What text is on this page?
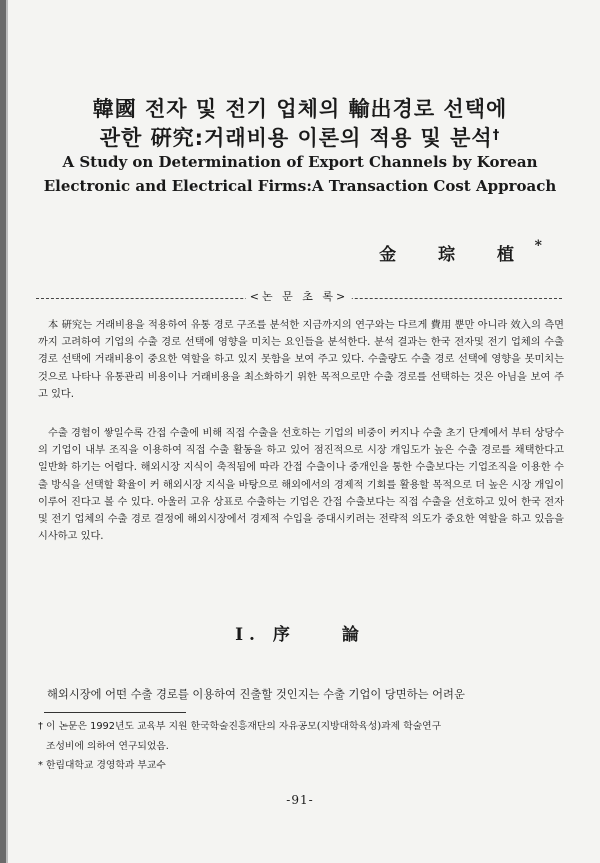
韓國 전자 및 전기 업체의 輸出경로 선택에
관한 硏究:거래비용 이론의 적용 및 분석†
A Study on Determination of Export Channels by Korean
Electronic and Electrical Firms:A Transaction Cost Approach
金 琮 植 *
<논 문 초 록>

本 硏究는 거래비용을 적용하여 유통 경로 구조를 분석한 지금까지의 연구와는 다르게 費用 뿐만 아니라 效入의 측면까지 고려하여 기업의 수출 경로 선택에 영향을 미치는 요인들을 분석한다. 분석 결과는 한국 전자및 전기 업체의 수출 경로 선택에 거래비용이 중요한 역할을 하고 있지 못함을 보여 주고 있다. 수출량도 수출 경로 선택에 영향을 못미치는 것으로 나타나 유통관리 비용이나 거래비용을 최소화하기 위한 목적으로만 수출 경로를 선택하는 것은 아님을 보여 주고 있다.

수출 경험이 쌓일수록 간접 수출에 비해 직접 수출을 선호하는 기업의 비중이 커지나 수출 초기 단계에서 부터 상당수의 기업이 내부 조직을 이용하여 직접 수출 활동을 하고 있어 점진적으로 시장 개입도가 높은 수출 경로를 채택한다고 일반화 하기는 어렵다. 해외시장 지식이 축적됨에 따라 간접 수출이나 중개인을 통한 수출보다는 기업조직을 이용한 수출 방식을 선택할 확율이 커 해외시장 지식을 바탕으로 해외에서의 경제적 기회를 활용할 목적으로 더 높은 시장 개입이 이루어 진다고 볼 수 있다. 아울러 고유 상표로 수출하는 기업은 간접 수출보다는 직접 수출을 선호하고 있어 한국 전자및 전기 업체의 수출 경로 결정에 해외시장에서 경제적 수입을 증대시키려는 전략적 의도가 중요한 역할을 하고 있음을 시사하고 있다.

I. 序　　論

해외시장에 어떤 수출 경로를 이용하여 진출할 것인지는 수출 기업이 당면하는 어려운

† 이 논문은 1992년도 교육부 지원 한국학술진흥재단의 자유공모(지방대학육성)과제 학술연구

조성비에 의하여 연구되었음.

* 한림대학교 경영학과 부교수

-91-
